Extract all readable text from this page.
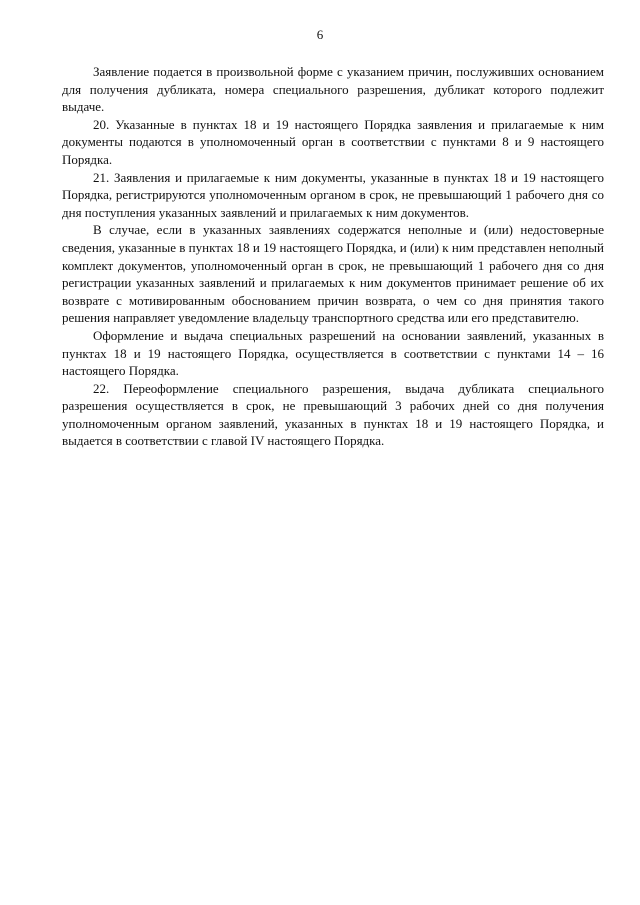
6

Заявление подается в произвольной форме с указанием причин, послуживших основанием для получения дубликата, номера специального разрешения, дубликат которого подлежит выдаче.

20. Указанные в пунктах 18 и 19 настоящего Порядка заявления и прилагаемые к ним документы подаются в уполномоченный орган в соответствии с пунктами 8 и 9 настоящего Порядка.

21. Заявления и прилагаемые к ним документы, указанные в пунктах 18 и 19 настоящего Порядка, регистрируются уполномоченным органом в срок, не превышающий 1 рабочего дня со дня поступления указанных заявлений и прилагаемых к ним документов.

В случае, если в указанных заявлениях содержатся неполные и (или) недостоверные сведения, указанные в пунктах 18 и 19 настоящего Порядка, и (или) к ним представлен неполный комплект документов, уполномоченный орган в срок, не превышающий 1 рабочего дня со дня регистрации указанных заявлений и прилагаемых к ним документов принимает решение об их возврате с мотивированным обоснованием причин возврата, о чем со дня принятия такого решения направляет уведомление владельцу транспортного средства или его представителю.

Оформление и выдача специальных разрешений на основании заявлений, указанных в пунктах 18 и 19 настоящего Порядка, осуществляется в соответствии с пунктами 14 – 16 настоящего Порядка.

22. Переоформление специального разрешения, выдача дубликата специального разрешения осуществляется в срок, не превышающий 3 рабочих дней со дня получения уполномоченным органом заявлений, указанных в пунктах 18 и 19 настоящего Порядка, и выдается в соответствии с главой IV настоящего Порядка.
